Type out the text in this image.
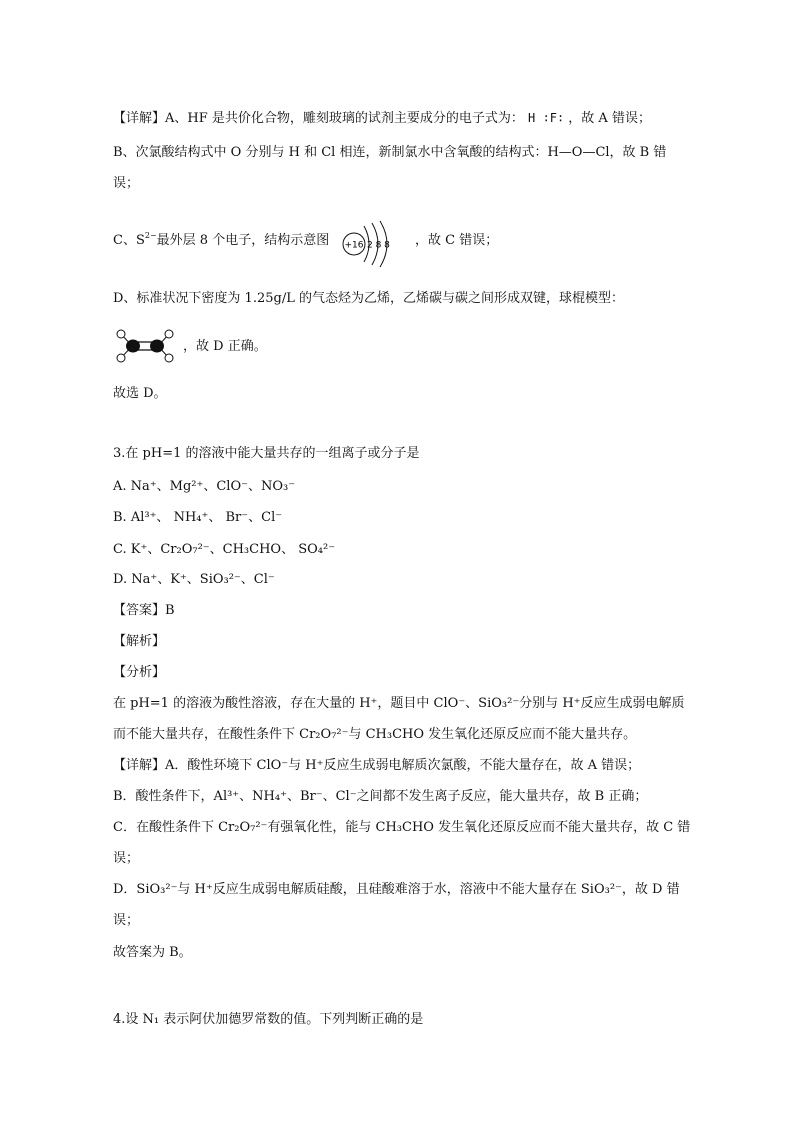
【详解】A、HF 是共价化合物，雕刻玻璃的试剂主要成分的电子式为： H ∶F∶ ，故 A 错误；
B、次氯酸结构式中 O 分别与 H 和 Cl 相连，新制氯水中含氧酸的结构式：H—O—Cl，故 B 错
误；
C、$S^{2-}$最外层 8 个电子，结构示意图 +16 2 8 8 ，故 C 错误；
D、标准状况下密度为 1.25g/L 的气态烃为乙烯，乙烯碳与碳之间形成双键，球棍模型：
，故 D 正确。
故选 D。
3.在 pH=1 的溶液中能大量共存的一组离子或分子是
A. Na⁺、Mg²⁺、ClO⁻、NO₃⁻
B. Al³⁺、 NH₄⁺、 Br⁻、Cl⁻
C. K⁺、Cr₂O₇²⁻、CH₃CHO、 SO₄²⁻
D. Na⁺、K⁺、SiO₃²⁻、Cl⁻
【答案】B
【解析】
【分析】
在 pH=1 的溶液为酸性溶液，存在大量的 H⁺，题目中 ClO⁻、SiO₃²⁻分别与 H⁺反应生成弱电解质
而不能大量共存，在酸性条件下 Cr₂O₇²⁻与 CH₃CHO 发生氧化还原反应而不能大量共存。
【详解】A．酸性环境下 ClO⁻与 H⁺反应生成弱电解质次氯酸，不能大量存在，故 A 错误；
B．酸性条件下，Al³⁺、NH₄⁺、Br⁻、Cl⁻之间都不发生离子反应，能大量共存，故 B 正确；
C．在酸性条件下 Cr₂O₇²⁻有强氧化性，能与 CH₃CHO 发生氧化还原反应而不能大量共存，故 C 错
误；
D．SiO₃²⁻与 H⁺反应生成弱电解质硅酸，且硅酸难溶于水，溶液中不能大量存在 SiO₃²⁻，故 D 错
误；
故答案为 B。
4.设 N₁ 表示阿伏加德罗常数的值。下列判断正确的是
